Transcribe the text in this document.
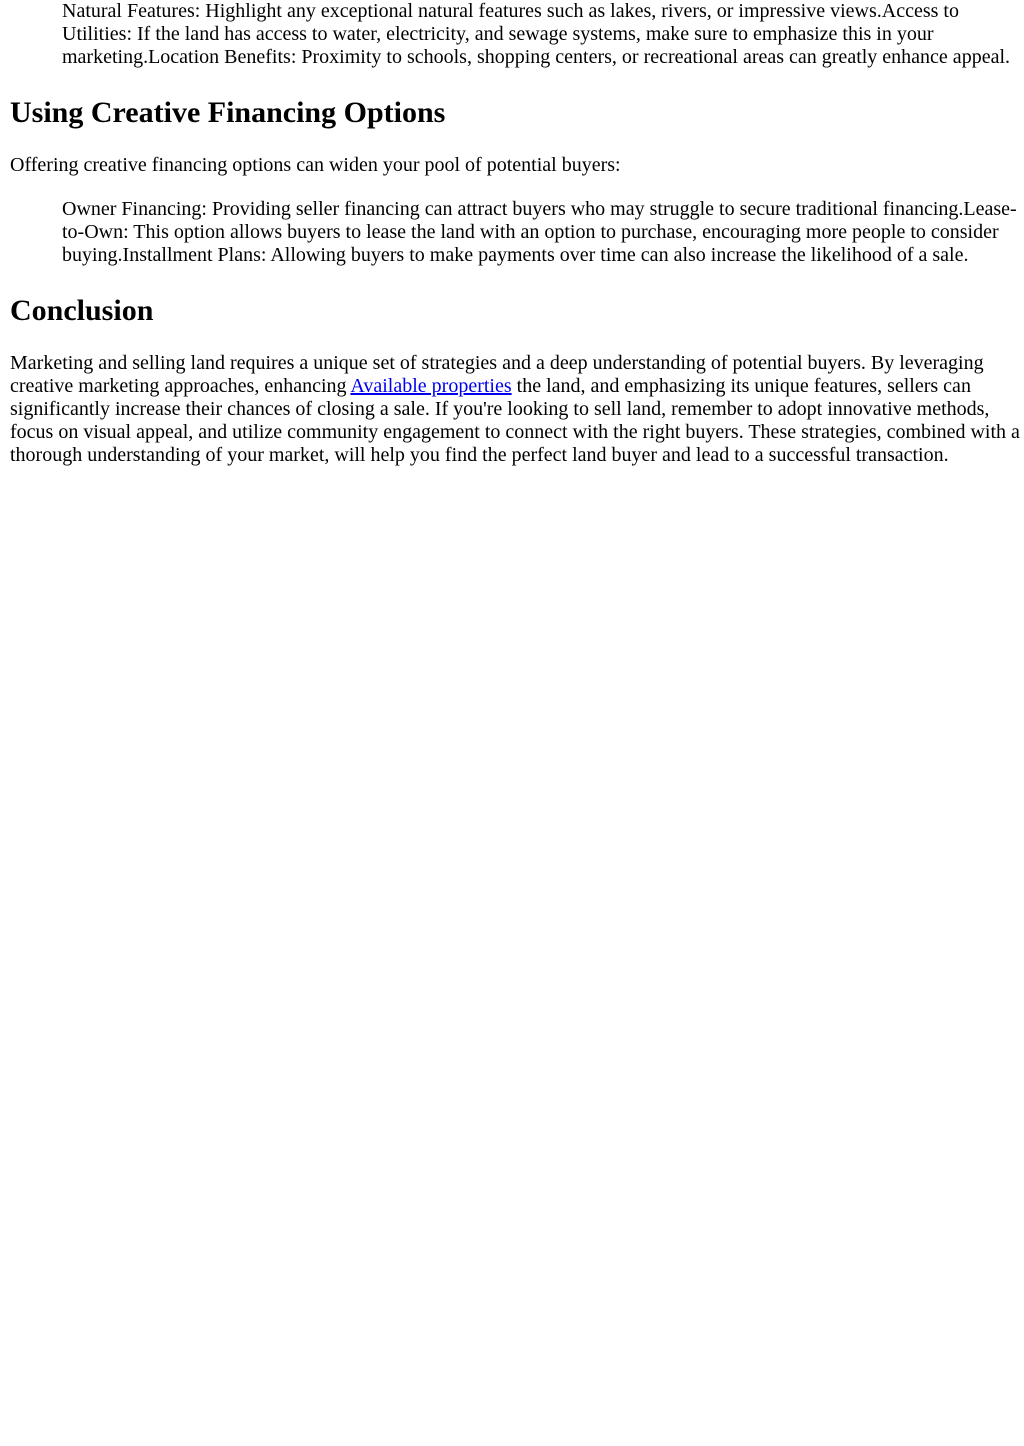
Natural Features: Highlight any exceptional natural features such as lakes, rivers, or impressive views.Access to Utilities: If the land has access to water, electricity, and sewage systems, make sure to emphasize this in your marketing.Location Benefits: Proximity to schools, shopping centers, or recreational areas can greatly enhance appeal.

Using Creative Financing Options

Offering creative financing options can widen your pool of potential buyers:

Owner Financing: Providing seller financing can attract buyers who may struggle to secure traditional financing.Lease-to-Own: This option allows buyers to lease the land with an option to purchase, encouraging more people to consider buying.Installment Plans: Allowing buyers to make payments over time can also increase the likelihood of a sale.

Conclusion

Marketing and selling land requires a unique set of strategies and a deep understanding of potential buyers. By leveraging creative marketing approaches, enhancing Available properties the land, and emphasizing its unique features, sellers can significantly increase their chances of closing a sale. If you're looking to sell land, remember to adopt innovative methods, focus on visual appeal, and utilize community engagement to connect with the right buyers. These strategies, combined with a thorough understanding of your market, will help you find the perfect land buyer and lead to a successful transaction.
